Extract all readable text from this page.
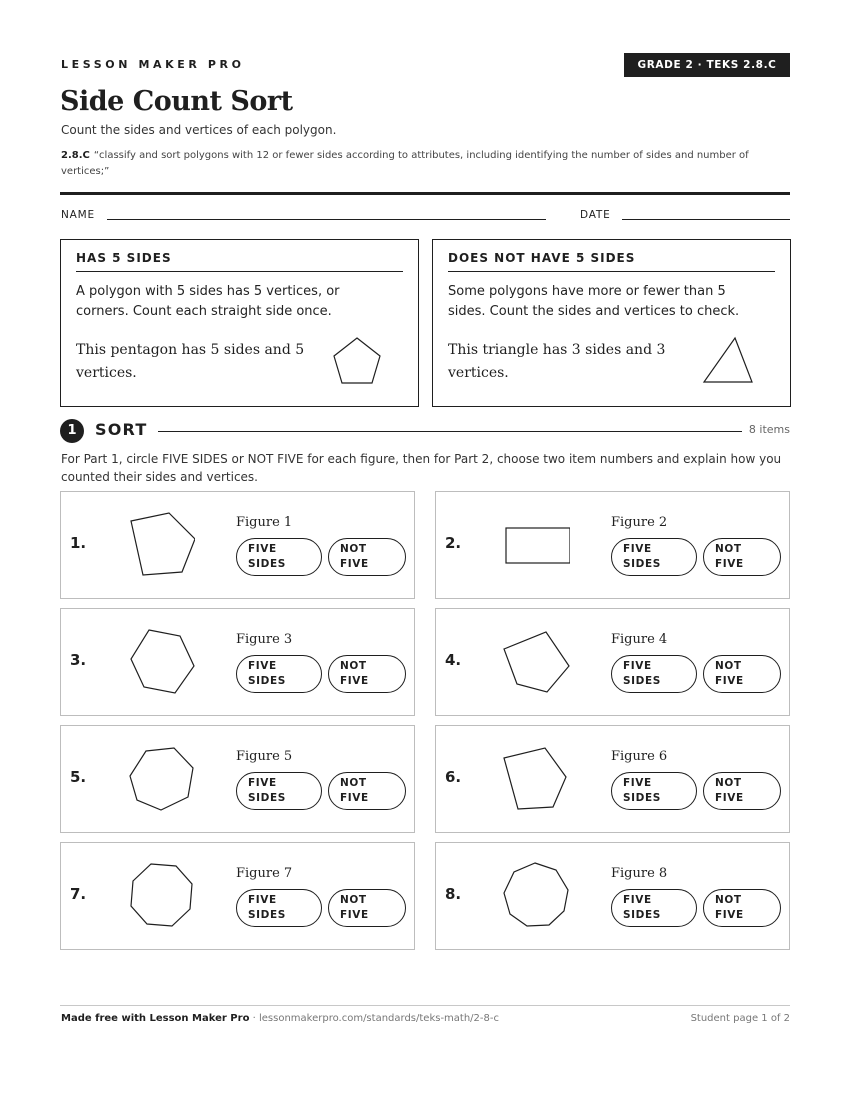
LESSON MAKER PRO	GRADE 2 · TEKS 2.8.C
Side Count Sort
Count the sides and vertices of each polygon.
2.8.C “classify and sort polygons with 12 or fewer sides according to attributes, including identifying the number of sides and number of vertices;”
NAME	DATE
HAS 5 SIDES
A polygon with 5 sides has 5 vertices, or corners. Count each straight side once.
This pentagon has 5 sides and 5 vertices.
DOES NOT HAVE 5 SIDES
Some polygons have more or fewer than 5 sides. Count the sides and vertices to check.
This triangle has 3 sides and 3 vertices.
1	SORT	8 items
For Part 1, circle FIVE SIDES or NOT FIVE for each figure, then for Part 2, choose two item numbers and explain how you counted their sides and vertices.
1.
Figure 1
FIVE
SIDES
NOT
FIVE
2.
Figure 2
FIVE
SIDES
NOT
FIVE
3.
Figure 3
FIVE
SIDES
NOT
FIVE
4.
Figure 4
FIVE
SIDES
NOT
FIVE
5.
Figure 5
FIVE
SIDES
NOT
FIVE
6.
Figure 6
FIVE
SIDES
NOT
FIVE
7.
Figure 7
FIVE
SIDES
NOT
FIVE
8.
Figure 8
FIVE
SIDES
NOT
FIVE
Made free with Lesson Maker Pro · lessonmakerpro.com/standards/teks-math/2-8-c	Student page 1 of 2
